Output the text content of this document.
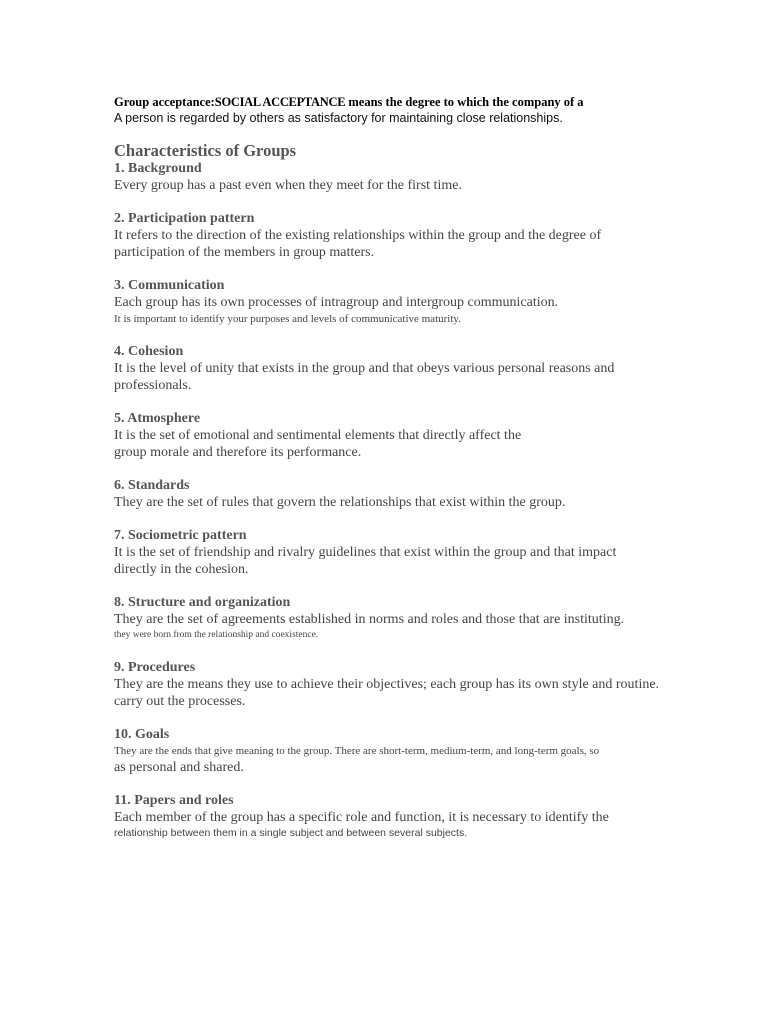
Group acceptance:SOCIAL ACCEPTANCE means the degree to which the company of a
A person is regarded by others as satisfactory for maintaining close relationships.
Characteristics of Groups
1. Background
Every group has a past even when they meet for the first time.
2. Participation pattern
It refers to the direction of the existing relationships within the group and the degree of
participation of the members in group matters.
3. Communication
Each group has its own processes of intragroup and intergroup communication.
It is important to identify your purposes and levels of communicative maturity.
4. Cohesion
It is the level of unity that exists in the group and that obeys various personal reasons and
professionals.
5. Atmosphere
It is the set of emotional and sentimental elements that directly affect the
group morale and therefore its performance.
6. Standards
They are the set of rules that govern the relationships that exist within the group.
7. Sociometric pattern
It is the set of friendship and rivalry guidelines that exist within the group and that impact
directly in the cohesion.
8. Structure and organization
They are the set of agreements established in norms and roles and those that are instituting.
they were born from the relationship and coexistence.
9. Procedures
They are the means they use to achieve their objectives; each group has its own style and routine.
carry out the processes.
10. Goals
They are the ends that give meaning to the group. There are short-term, medium-term, and long-term goals, so
as personal and shared.
11. Papers and roles
Each member of the group has a specific role and function, it is necessary to identify the
relationship between them in a single subject and between several subjects.
